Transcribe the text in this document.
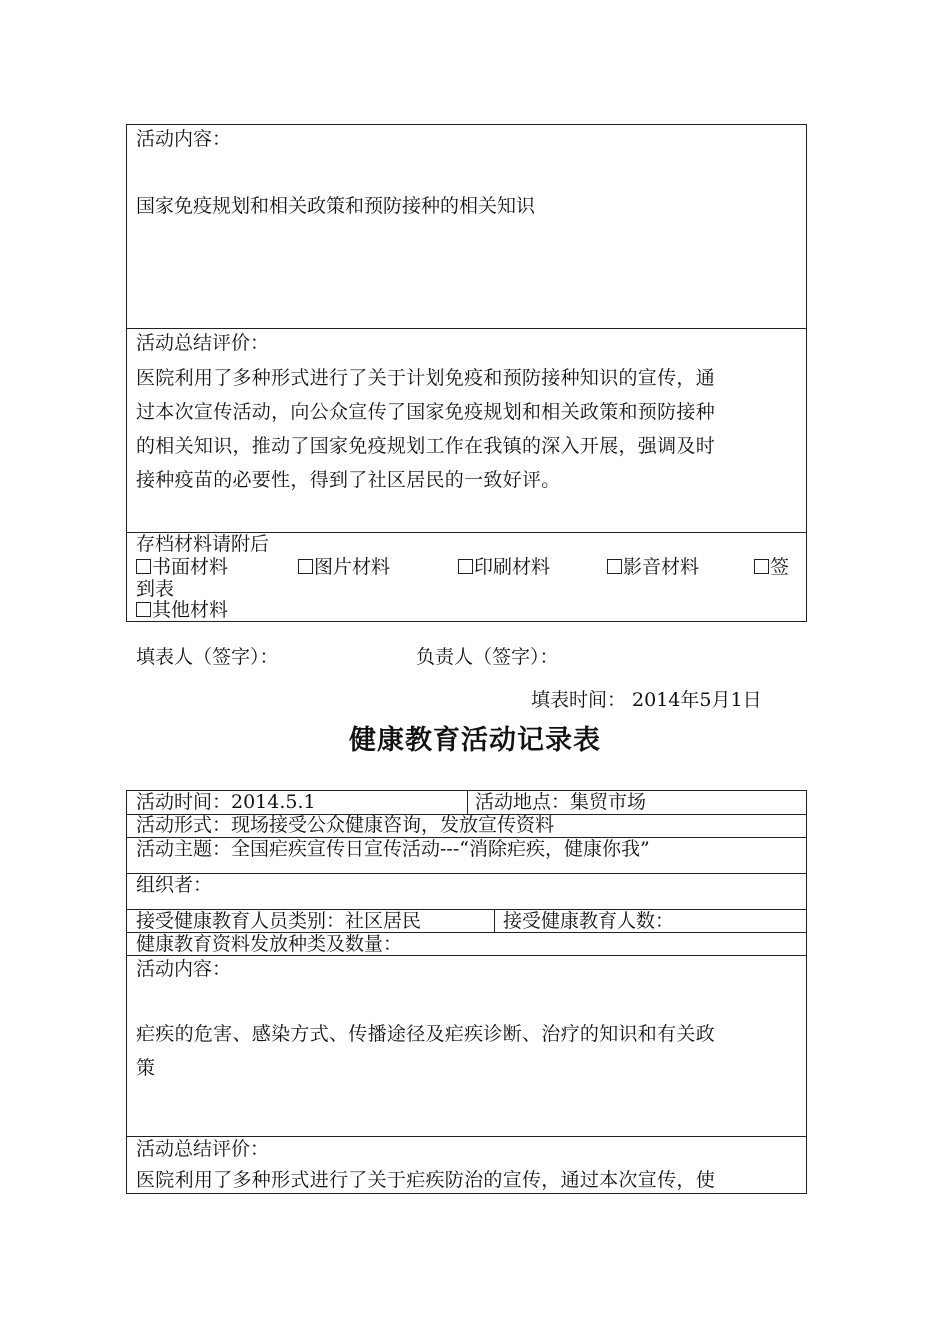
活动内容：
国家免疫规划和相关政策和预防接种的相关知识
活动总结评价：
医院利用了多种形式进行了关于计划免疫和预防接种知识的宣传，通
过本次宣传活动，向公众宣传了国家免疫规划和相关政策和预防接种
的相关知识，推动了国家免疫规划工作在我镇的深入开展，强调及时
接种疫苗的必要性，得到了社区居民的一致好评。
存档材料请附后
书面材料	图片材料	印刷材料	影音材料	签
到表
其他材料
填表人（签字）：	负责人（签字）：
填表时间： 2014年5月1日
健康教育活动记录表
活动时间：2014.5.1	活动地点：集贸市场
活动形式：现场接受公众健康咨询，发放宣传资料
活动主题：全国疟疾宣传日宣传活动---“消除疟疾，健康你我”
组织者：
接受健康教育人员类别：社区居民	接受健康教育人数：
健康教育资料发放种类及数量：
活动内容：
疟疾的危害、感染方式、传播途径及疟疾诊断、治疗的知识和有关政
策
活动总结评价：
医院利用了多种形式进行了关于疟疾防治的宣传，通过本次宣传，使
